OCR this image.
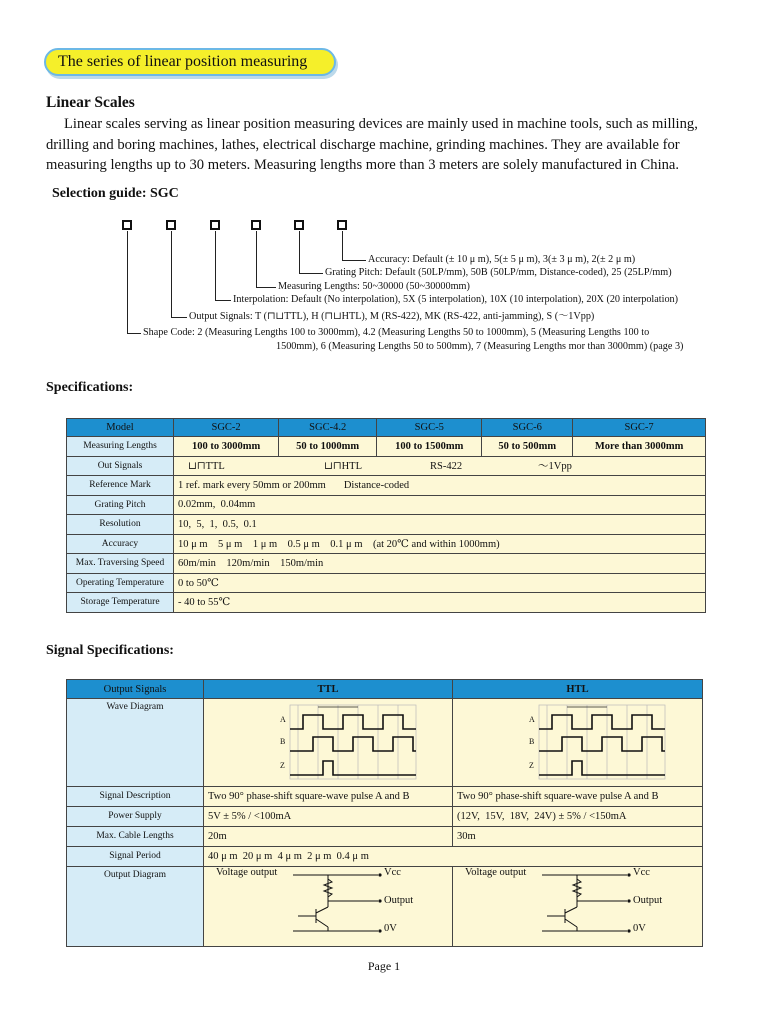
The series of linear position measuring
Linear Scales
Linear scales serving as linear position measuring devices are mainly used in machine tools, such as milling, drilling and boring machines, lathes, electrical discharge machine, grinding machines. They are available for measuring lengths up to 30 meters. Measuring lengths more than 3 meters are solely manufactured in China.
Selection guide: SGC
Accuracy: Default (± 10 μ m), 5(± 5 μ m), 3(± 3 μ m), 2(± 2 μ m)
Grating Pitch: Default (50LP/mm), 50B (50LP/mm, Distance-coded), 25 (25LP/mm)
Measuring Lengths: 50~30000 (50~30000mm)
Interpolation: Default (No interpolation), 5X (5 interpolation), 10X (10 interpolation), 20X (20 interpolation)
Output Signals: T (⊓⊔TTL), H (⊓⊔HTL), M (RS-422), MK (RS-422, anti-jamming), S (～1Vpp)
Shape Code: 2 (Measuring Lengths 100 to 3000mm), 4.2 (Measuring Lengths 50 to 1000mm), 5 (Measuring Lengths 100 to
1500mm), 6 (Measuring Lengths 50 to 500mm), 7 (Measuring Lengths mor than 3000mm) (page 3)
Specifications:
Model	SGC-2	SGC-4.2	SGC-5	SGC-6	SGC-7
Measuring Lengths	100 to 3000mm	50 to 1000mm	100 to 1500mm	50 to 500mm	More than 3000mm
Out Signals	⊔⊓TTL ⊔⊓HTL RS-422 ～1Vpp				
Reference Mark	1 ref. mark every 50mm or 200mm Distance-coded				
Grating Pitch	0.02mm,  0.04mm				
Resolution	10,  5,  1,  0.5,  0.1				
Accuracy	10 μ m    5 μ m    1 μ m    0.5 μ m    0.1 μ m (at 20℃ and within 1000mm)				
Max. Traversing Speed	60m/min    120m/min    150m/min				
Operating Temperature	0 to 50℃				
Storage Temperature	- 40 to 55℃				
Signal Specifications:
Output Signals	TTL	HTL
Wave Diagram	A
B
Z	A
B
Z

Signal Description	Two 90° phase-shift square-wave pulse A and B	Two 90° phase-shift square-wave pulse A and B
Power Supply	5V ± 5% / <100mA	(12V,  15V,  18V,  24V) ± 5% / <150mA
Max. Cable Lengths	20m	30m
Signal Period	40 μ m  20 μ m  4 μ m  2 μ m  0.4 μ m	
Output Diagram	Voltage output Vcc
Output
0V	Voltage output Vcc
Output
0V
Page 1
